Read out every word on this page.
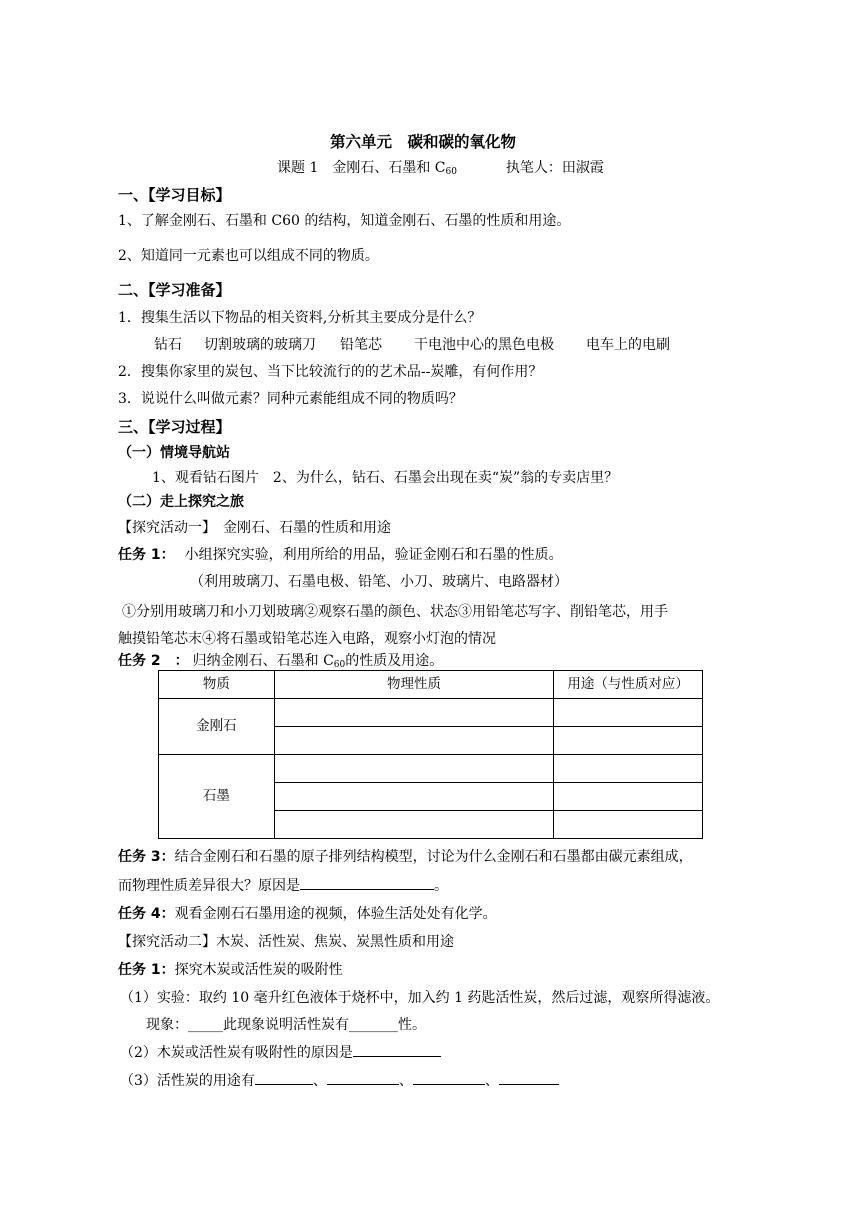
第六单元　碳和碳的氧化物
课题 1　金刚石、石墨和 $C_{60}$	执笔人：田淑霞
一、【学习目标】
1、了解金刚石、石墨和 C60 的结构，知道金刚石、石墨的性质和用途。
2、知道同一元素也可以组成不同的物质。
二、【学习准备】
1．搜集生活以下物品的相关资料,分析其主要成分是什么？
钻石 切割玻璃的玻璃刀 铅笔芯 干电池中心的黑色电极 电车上的电刷
2．搜集你家里的炭包、当下比较流行的的艺术品--炭雕，有何作用？
3．说说什么叫做元素？同种元素能组成不同的物质吗？
三、【学习过程】
（一）情境导航站
1、观看钻石图片　2、为什么，钻石、石墨会出现在卖“炭”翁的专卖店里？
（二）走上探究之旅
【探究活动一】　金刚石、石墨的性质和用途
任务 1： 小组探究实验，利用所给的用品，验证金刚石和石墨的性质。
（利用玻璃刀、石墨电极、铅笔、小刀、玻璃片、电路器材）
①分别用玻璃刀和小刀划玻璃②观察石墨的颜色、状态③用铅笔芯写字、削铅笔芯，用手
触摸铅笔芯末④将石墨或铅笔芯连入电路，观察小灯泡的情况
任务 2　： 归纳金刚石、石墨和 $C_{60}$的性质及用途。
物质	物理性质	用途（与性质对应）
金刚石		

石墨		

任务 3：结合金刚石和石墨的原子排列结构模型，讨论为什么金刚石和石墨都由碳元素组成，
而物理性质差异很大？原因是	。
任务 4：观看金刚石石墨用途的视频，体验生活处处有化学。
【探究活动二】木炭、活性炭、焦炭、炭黑性质和用途
任务 1：探究木炭或活性炭的吸附性
（1）实验：取约 10 毫升红色液体于烧杯中，加入约 1 药匙活性炭，然后过滤，观察所得滤液。
现象：_____此现象说明活性炭有_______性。
（2）木炭或活性炭有吸附性的原因是
（3）活性炭的用途有	、	、	、
